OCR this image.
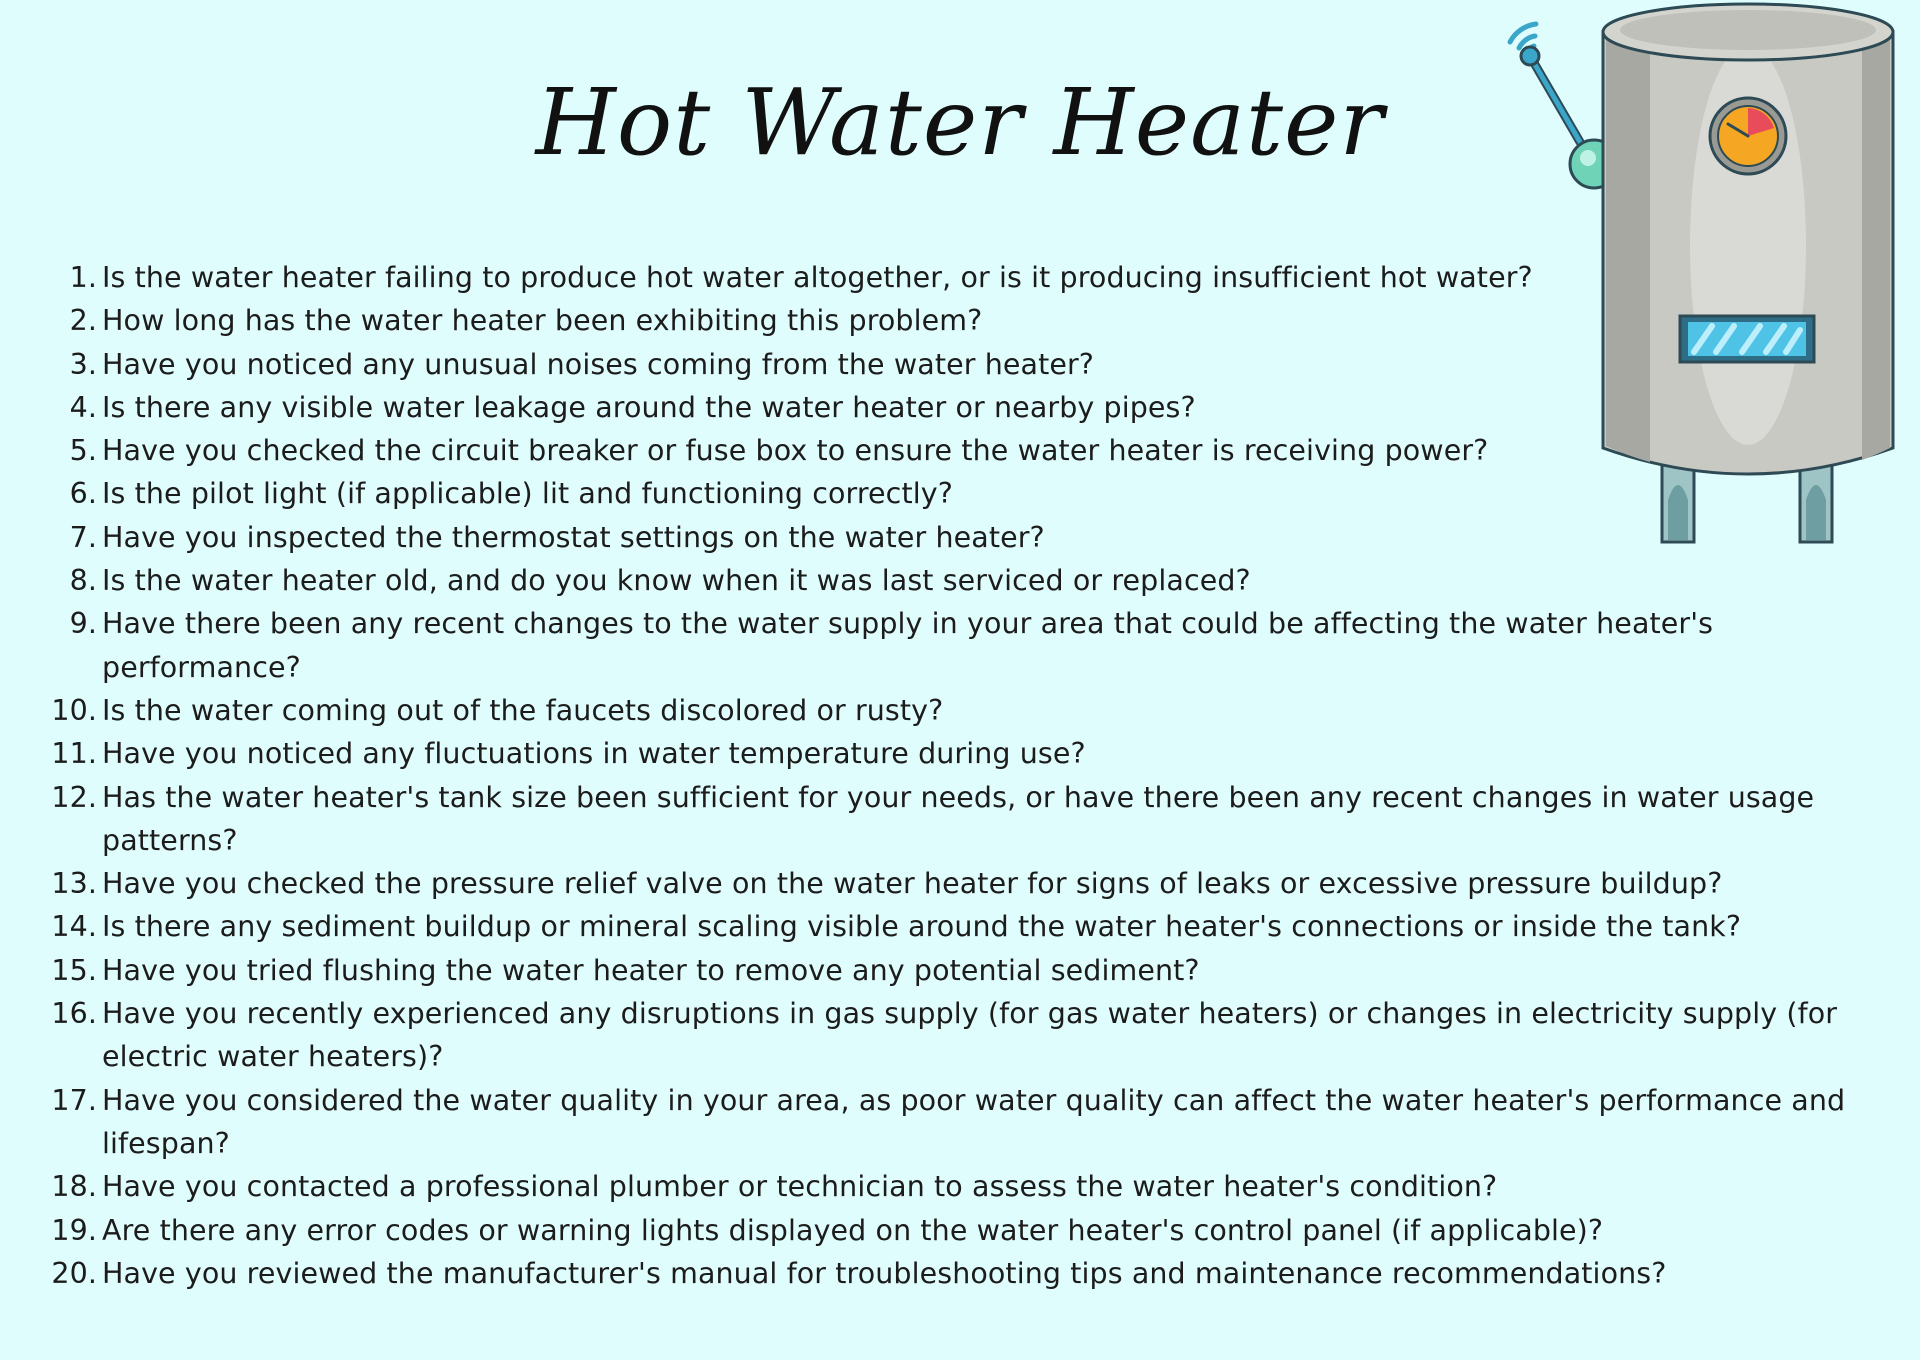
Hot Water Heater
1. Is the water heater failing to produce hot water altogether, or is it producing insufficient hot water?
2. How long has the water heater been exhibiting this problem?
3. Have you noticed any unusual noises coming from the water heater?
4. Is there any visible water leakage around the water heater or nearby pipes?
5. Have you checked the circuit breaker or fuse box to ensure the water heater is receiving power?
6. Is the pilot light (if applicable) lit and functioning correctly?
7. Have you inspected the thermostat settings on the water heater?
8. Is the water heater old, and do you know when it was last serviced or replaced?
9. Have there been any recent changes to the water supply in your area that could be affecting the water heater's performance?
10. Is the water coming out of the faucets discolored or rusty?
11. Have you noticed any fluctuations in water temperature during use?
12. Has the water heater's tank size been sufficient for your needs, or have there been any recent changes in water usage patterns?
13. Have you checked the pressure relief valve on the water heater for signs of leaks or excessive pressure buildup?
14. Is there any sediment buildup or mineral scaling visible around the water heater's connections or inside the tank?
15. Have you tried flushing the water heater to remove any potential sediment?
16. Have you recently experienced any disruptions in gas supply (for gas water heaters) or changes in electricity supply (for electric water heaters)?
17. Have you considered the water quality in your area, as poor water quality can affect the water heater's performance and lifespan?
18. Have you contacted a professional plumber or technician to assess the water heater's condition?
19. Are there any error codes or warning lights displayed on the water heater's control panel (if applicable)?
20. Have you reviewed the manufacturer's manual for troubleshooting tips and maintenance recommendations?
